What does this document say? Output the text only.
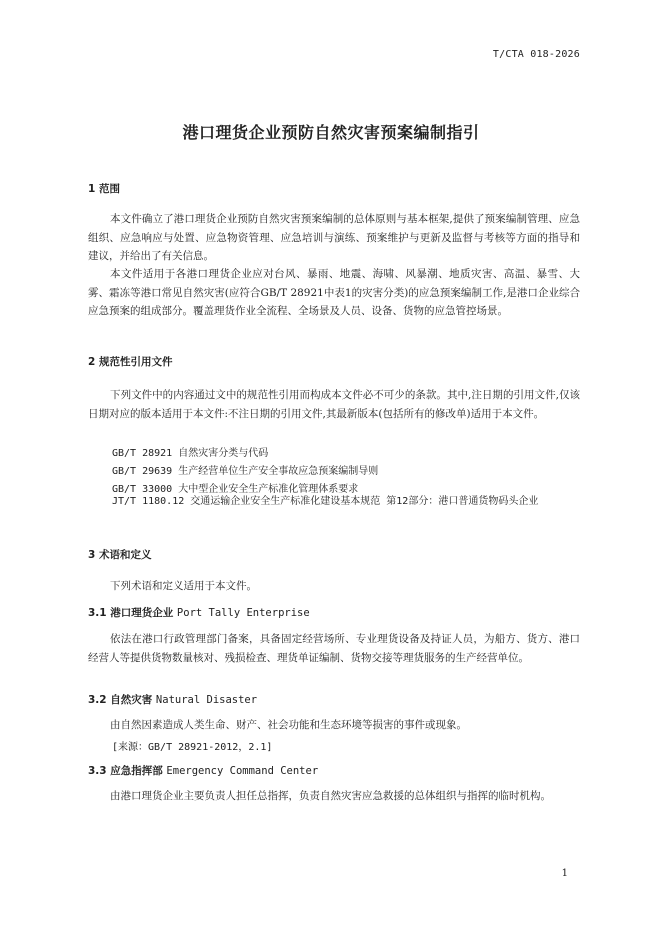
T/CTA 018-2026
港口理货企业预防自然灾害预案编制指引
1 范围
本文件确立了港口理货企业预防自然灾害预案编制的总体原则与基本框架,提供了预案编制管理、应急组织、应急响应与处置、应急物资管理、应急培训与演练、预案维护与更新及监督与考核等方面的指导和建议，并给出了有关信息。
本文件适用于各港口理货企业应对台风、暴雨、地震、海啸、风暴潮、地质灾害、高温、暴雪、大雾、霜冻等港口常见自然灾害(应符合GB/T 28921中表1的灾害分类)的应急预案编制工作,是港口企业综合应急预案的组成部分。覆盖理货作业全流程、全场景及人员、设备、货物的应急管控场景。
2 规范性引用文件
下列文件中的内容通过文中的规范性引用而构成本文件必不可少的条款。其中,注日期的引用文件,仅该日期对应的版本适用于本文件:不注日期的引用文件,其最新版本(包括所有的修改单)适用于本文件。
GB/T 28921 自然灾害分类与代码
GB/T 29639 生产经营单位生产安全事故应急预案编制导则
GB/T 33000 大中型企业安全生产标准化管理体系要求
JT/T 1180.12 交通运输企业安全生产标准化建设基本规范 第12部分：港口普通货物码头企业
3 术语和定义
下列术语和定义适用于本文件。
3.1 港口理货企业 Port Tally Enterprise
依法在港口行政管理部门备案，具备固定经营场所、专业理货设备及持证人员，为船方、货方、港口经营人等提供货物数量核对、残损检查、理货单证编制、货物交接等理货服务的生产经营单位。
3.2 自然灾害 Natural Disaster
由自然因素造成人类生命、财产、社会功能和生态环境等损害的事件或现象。
[来源：GB/T 28921-2012，2.1]
3.3 应急指挥部 Emergency Command Center
由港口理货企业主要负责人担任总指挥，负责自然灾害应急救援的总体组织与指挥的临时机构。
1
